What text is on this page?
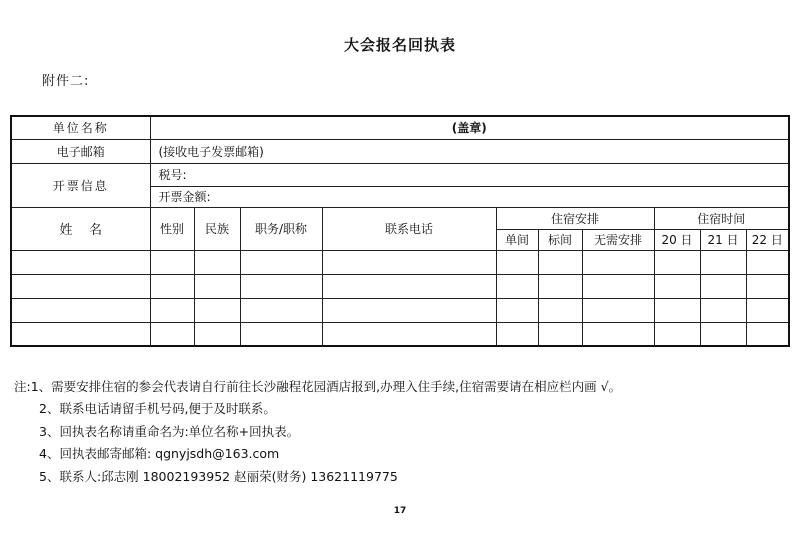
大会报名回执表
附件二:
单位名称	(盖章)									
电子邮箱	(接收电子发票邮箱)									
开票信息	税号:									
	开票金额:									
姓    名	性别	民族	职务/职称	联系电话	住宿安排			住宿时间		
					单间	标间	无需安排	20 日	21 日	22 日

注:1、需要安排住宿的参会代表请自行前往长沙融程花园酒店报到,办理入住手续,住宿需要请在相应栏内画 √。
2、联系电话请留手机号码,便于及时联系。
3、回执表名称请重命名为:单位名称+回执表。
4、回执表邮寄邮箱: qgnyjsdh@163.com
5、联系人:邱志刚 18002193952 赵丽荣(财务) 13621119775
17
